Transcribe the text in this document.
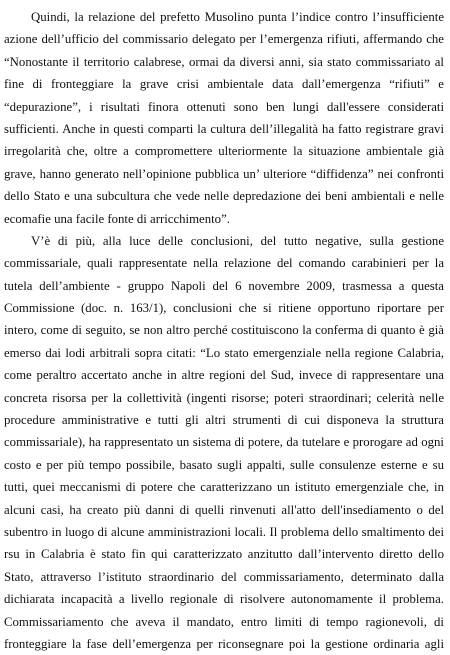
Quindi, la relazione del prefetto Musolino punta l’indice contro l’insufficiente
azione dell’ufficio del commissario delegato per l’emergenza rifiuti, affermando che
“Nonostante il territorio calabrese, ormai da diversi anni, sia stato commissariato al
fine di fronteggiare la grave crisi ambientale data dall’emergenza “rifiuti” e
“depurazione”, i risultati finora ottenuti sono ben lungi dall'essere considerati
sufficienti. Anche in questi comparti la cultura dell’illegalità ha fatto registrare gravi
irregolarità che, oltre a compromettere ulteriormente la situazione ambientale già
grave, hanno generato nell’opinione pubblica un’ ulteriore “diffidenza” nei confronti
dello Stato e una subcultura che vede nelle depredazione dei beni ambientali e nelle
ecomafie una facile fonte di arricchimento”.
V’è di più, alla luce delle conclusioni, del tutto negative, sulla gestione
commissariale, quali rappresentate nella relazione del comando carabinieri per la
tutela dell’ambiente - gruppo Napoli del 6 novembre 2009, trasmessa a questa
Commissione (doc. n. 163/1), conclusioni che si ritiene opportuno riportare per
intero, come di seguito, se non altro perché costituiscono la conferma di quanto è già
emerso dai lodi arbitrali sopra citati: “Lo stato emergenziale nella regione Calabria,
come peraltro accertato anche in altre regioni del Sud, invece di rappresentare una
concreta risorsa per la collettività (ingenti risorse; poteri straordinari; celerità nelle
procedure amministrative e tutti gli altri strumenti di cui disponeva la struttura
commissariale), ha rappresentato un sistema di potere, da tutelare e prorogare ad ogni
costo e per più tempo possibile, basato sugli appalti, sulle consulenze esterne e su
tutti, quei meccanismi di potere che caratterizzano un istituto emergenziale che, in
alcuni casi, ha creato più danni di quelli rinvenuti all'atto dell'insediamento o del
subentro in luogo di alcune amministrazioni locali. Il problema dello smaltimento dei
rsu in Calabria è stato fin qui caratterizzato anzitutto dall’intervento diretto dello
Stato, attraverso l’istituto straordinario del commissariamento, determinato dalla
dichiarata incapacità a livello regionale di risolvere autonomamente il problema.
Commissariamento che aveva il mandato, entro limiti di tempo ragionevoli, di
fronteggiare la fase dell’emergenza per riconsegnare poi la gestione ordinaria agli
